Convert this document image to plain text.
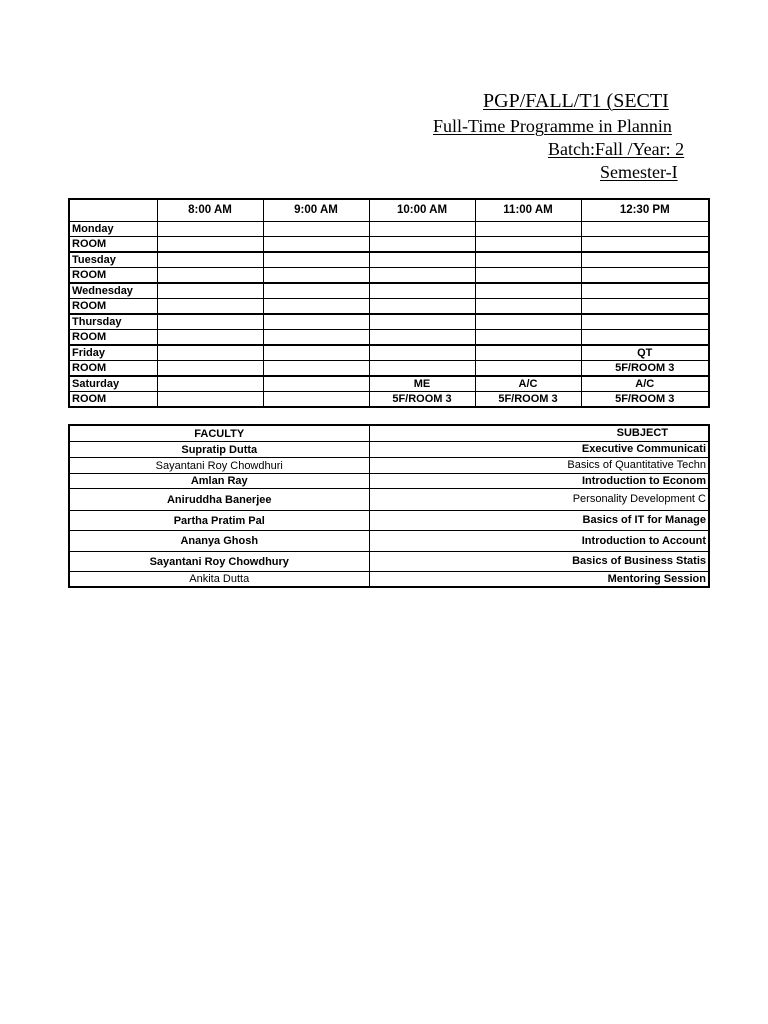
PGP/FALL/T1 (SECTI
Full-Time Programme in Plannin
Batch:Fall /Year: 2
Semester-I
	8:00 AM	9:00 AM	10:00 AM	11:00 AM	12:30 PM
Monday					
ROOM					
Tuesday					
ROOM					
Wednesday					
ROOM					
Thursday					
ROOM					
Friday					QT
ROOM					5F/ROOM 3
Saturday			ME	A/C	A/C
ROOM			5F/ROOM 3	5F/ROOM 3	5F/ROOM 3
FACULTY	SUBJECT
Supratip Dutta	Executive Communicati
Sayantani Roy Chowdhuri	Basics of Quantitative Techn
Amlan Ray	Introduction to Econom
Aniruddha Banerjee	Personality Development C
Partha Pratim Pal	Basics of IT for Manage
Ananya Ghosh	Introduction to Account
Sayantani Roy Chowdhury	Basics of Business Statis
Ankita Dutta	Mentoring Session
